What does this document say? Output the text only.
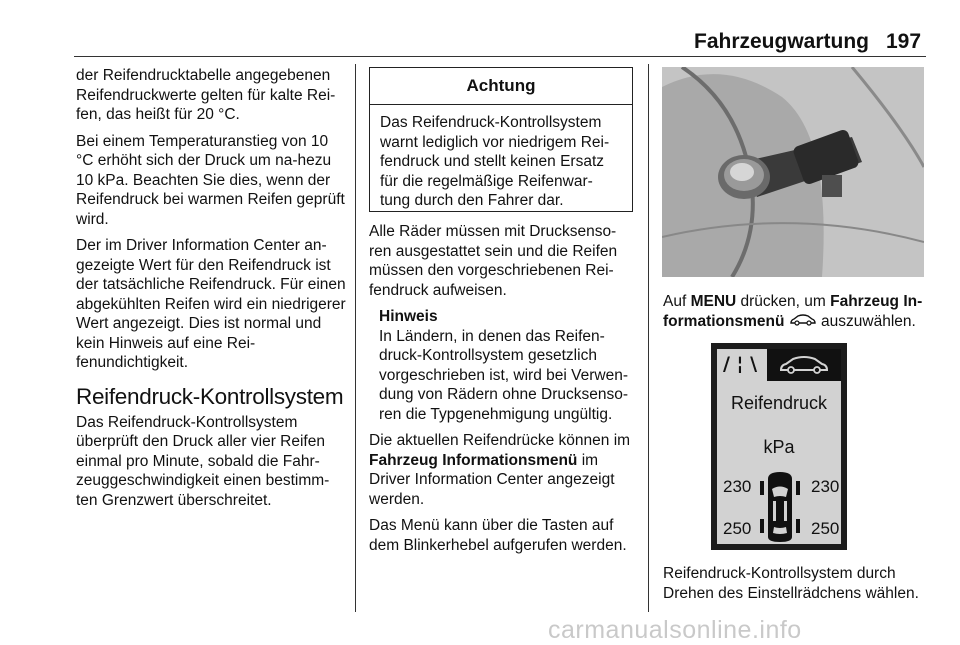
Fahrzeugwartung 197

der Reifendrucktabelle angegebenen Reifendruckwerte gelten für kalte Rei-fen, das heißt für 20 °C.

Bei einem Temperaturanstieg von 10 °C erhöht sich der Druck um na-hezu 10 kPa. Beachten Sie dies, wenn der Reifendruck bei warmen Reifen geprüft wird.

Der im Driver Information Center an-gezeigte Wert für den Reifendruck ist der tatsächliche Reifendruck. Für einen abgekühlten Reifen wird ein niedrigerer Wert angezeigt. Dies ist normal und kein Hinweis auf eine Rei-fenundichtigkeit.

Reifendruck-Kontrollsystem

Das Reifendruck-Kontrollsystem überprüft den Druck aller vier Reifen einmal pro Minute, sobald die Fahr-zeuggeschwindigkeit einen bestimm-ten Grenzwert überschreitet.

Achtung
Das Reifendruck-Kontrollsystem warnt lediglich vor niedrigem Rei-fendruck und stellt keinen Ersatz für die regelmäßige Reifenwar-tung durch den Fahrer dar.

Alle Räder müssen mit Drucksenso-ren ausgestattet sein und die Reifen müssen den vorgeschriebenen Rei-fendruck aufweisen.

Hinweis
In Ländern, in denen das Reifen-druck-Kontrollsystem gesetzlich vorgeschrieben ist, wird bei Verwen-dung von Rädern ohne Drucksenso-ren die Typgenehmigung ungültig.

Die aktuellen Reifendrücke können im Fahrzeug Informationsmenü im Driver Information Center angezeigt werden.

Das Menü kann über die Tasten auf dem Blinkerhebel aufgerufen werden.

Auf MENU drücken, um Fahrzeug In-formationsmenü  auszuwählen.

Reifendruck-Kontrollsystem durch Drehen des Einstellrädchens wählen.

/ ¦ \
Reifendruck
kPa
230	230
250	250
carmanualsonline.info
